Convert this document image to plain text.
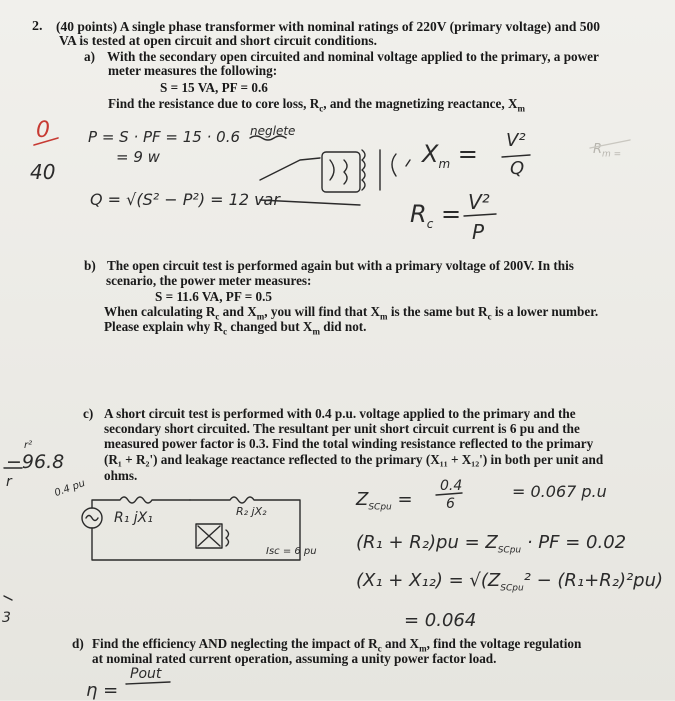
2. (40 points) A single phase transformer with nominal ratings of 220V (primary voltage) and 500
VA is tested at open circuit and short circuit conditions.
a) With the secondary open circuited and nominal voltage applied to the primary, a power
meter measures the following:
S = 15 VA, PF = 0.6
Find the resistance due to core loss, $R_c$, and the magnetizing reactance, $X_m$
b) The open circuit test is performed again but with a primary voltage of 200V. In this
scenario, the power meter measures:
S = 11.6 VA, PF = 0.5
When calculating $R_c$ and $X_m$, you will find that $X_m$ is the same but $R_c$ is a lower number.
Please explain why $R_c$ changed but $X_m$ did not.
c) A short circuit test is performed with 0.4 p.u. voltage applied to the primary and the
secondary short circuited. The resultant per unit short circuit current is 6 pu and the
measured power factor is 0.3. Find the total winding resistance reflected to the primary
(R₁ + R₂') and leakage reactance reflected to the primary (X₁₁ + X₁₂') in both per unit and
ohms.
d) Find the efficiency AND neglecting the impact of $R_c$ and $X_m$, find the voltage regulation
at nominal rated current operation, assuming a unity power factor load.
0
40
P = S · PF = 15 · 0.6
= 9 w
neglete
Q = √(S² − P²) = 12 var
$X_m = V^2$
Q
$R_c = V^2$
P
$R_{m =}$
r²
−96.8
r
3
0.4 pu
R₁ jX₁	R₂ jX₂
Isc = 6 pu
$Z_{SCpu}$ =
0.4
6
= 0.067 p.u
$(R_1 + R_2)pu = Z_{SCpu}$ · PF = 0.02
$(X_1 + X_{12}) = √(Z_{SCpu}^2 - (R_1+R_2)^2pu)$
= 0.064
η =
Pout
